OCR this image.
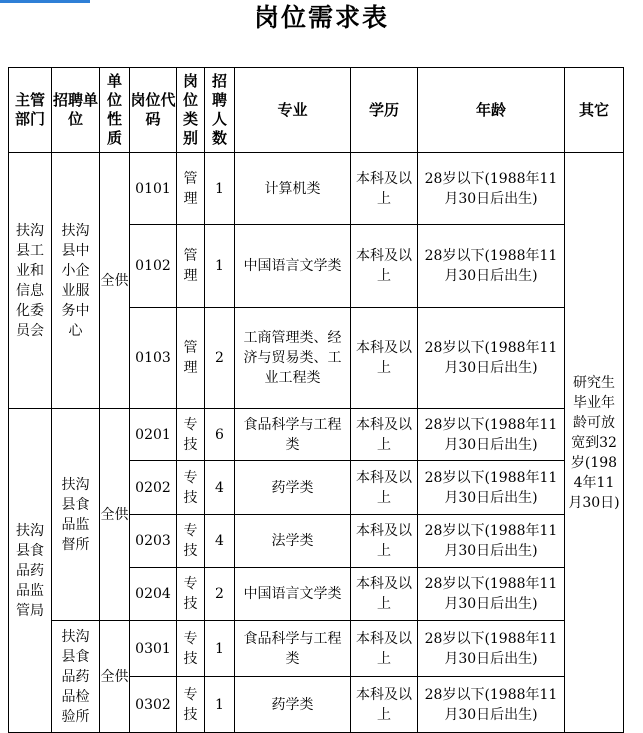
岗位需求表
主管部门	招聘单位	单位性质	岗位代码	岗位类别	招聘人数	专业	学历	年龄	其它
扶沟县工业和信息化委员会	扶沟县中小企业服务中心	全供	0101	管理	1	计算机类	本科及以上	28岁以下(1988年11月30日后出生)	研究生毕业年龄可放宽到32岁(1984年11月30日)
			0102	管理	1	中国语言文学类	本科及以上	28岁以下(1988年11月30日后出生)	
			0103	管理	2	工商管理类、经济与贸易类、工业工程类	本科及以上	28岁以下(1988年11月30日后出生)	
扶沟县食品药品监管局	扶沟县食品监督所	全供	0201	专技	6	食品科学与工程类	本科及以上	28岁以下(1988年11月30日后出生)	
			0202	专技	4	药学类	本科及以上	28岁以下(1988年11月30日后出生)	
			0203	专技	4	法学类	本科及以上	28岁以下(1988年11月30日后出生)	
			0204	专技	2	中国语言文学类	本科及以上	28岁以下(1988年11月30日后出生)	
	扶沟县食品药品检验所	全供	0301	专技	1	食品科学与工程类	本科及以上	28岁以下(1988年11月30日后出生)	
			0302	专技	1	药学类	本科及以上	28岁以下(1988年11月30日后出生)	
